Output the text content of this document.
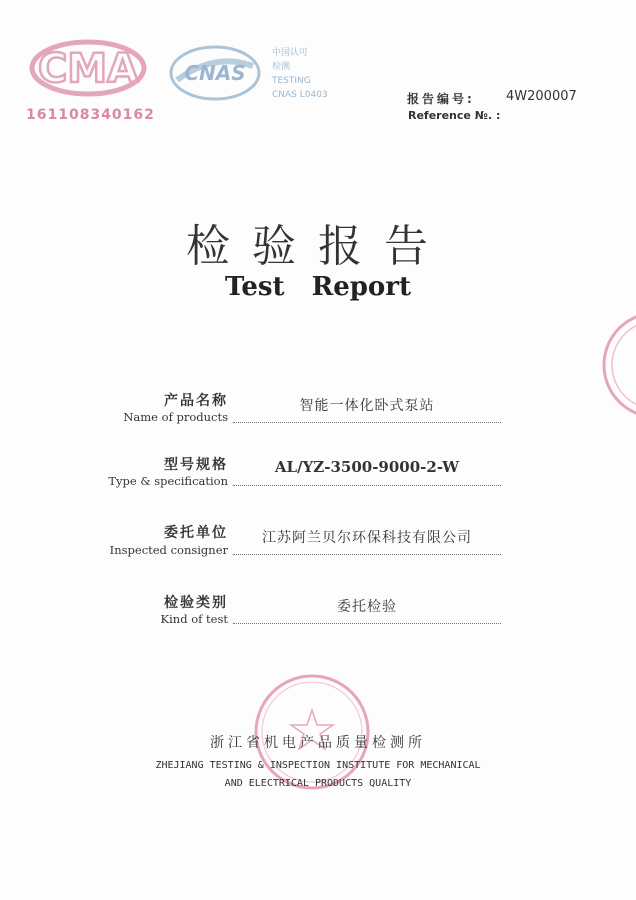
CMA
161108340162
CNAS
中国认可
检测
TESTING
CNAS L0403	报告编号: 4W200007
Reference №. :
检验报告
Test Report
产品名称
Name of products
智能一体化卧式泵站
型号规格
Type & specification
AL/YZ-3500-9000-2-W
委托单位
Inspected consigner
江苏阿兰贝尔环保科技有限公司
检验类别
Kind of test
委托检验
浙江省机电产品质量检测所
ZHEJIANG TESTING & INSPECTION INSTITUTE FOR MECHANICAL
AND ELECTRICAL PRODUCTS QUALITY
